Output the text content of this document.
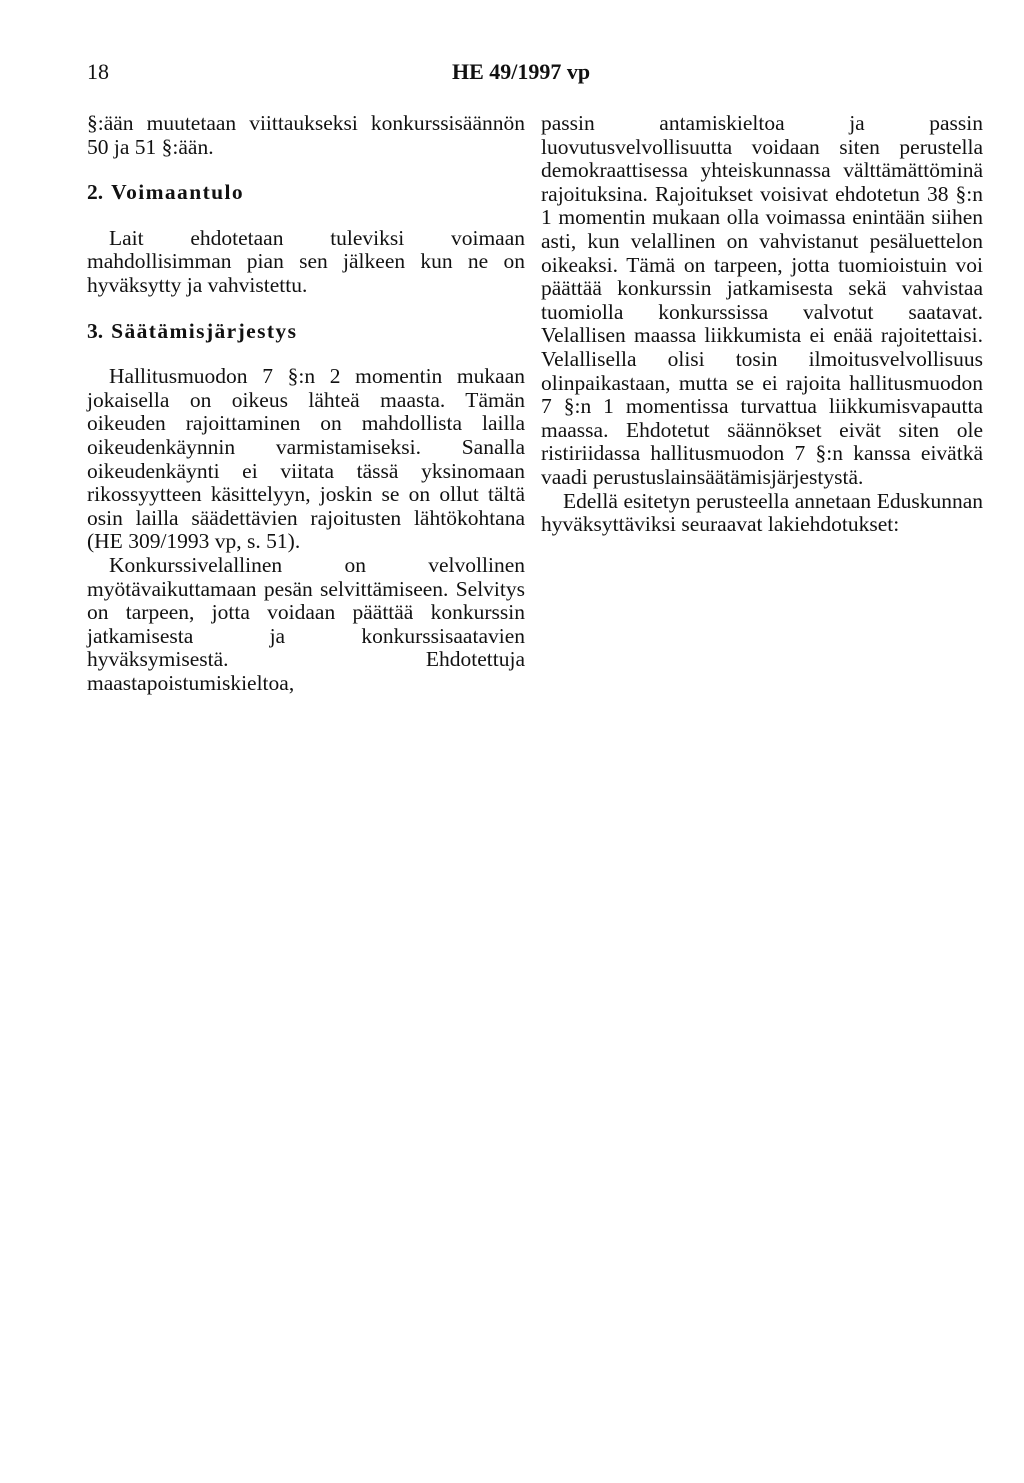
18	HE 49/1997 vp

§:ään muutetaan viittaukseksi konkurssisäännön 50 ja 51 §:ään.

2. Voimaantulo

Lait ehdotetaan tuleviksi voimaan mahdollisimman pian sen jälkeen kun ne on hyväksytty ja vahvistettu.

3. Säätämisjärjestys

Hallitusmuodon 7 §:n 2 momentin mukaan jokaisella on oikeus lähteä maasta. Tämän oikeuden rajoittaminen on mahdollista lailla oikeudenkäynnin varmistamiseksi. Sanalla oikeudenkäynti ei viitata tässä yksinomaan rikossyytteen käsittelyyn, joskin se on ollut tältä osin lailla säädettävien rajoitusten lähtökohtana (HE 309/1993 vp, s. 51).

Konkurssivelallinen on velvollinen myötävaikuttamaan pesän selvittämiseen. Selvitys on tarpeen, jotta voidaan päättää konkurssin jatkamisesta ja konkurssisaatavien hyväksymisestä. Ehdotettuja maastapoistumiskieltoa,

passin antamiskieltoa ja passin luovutusvelvollisuutta voidaan siten perustella demokraattisessa yhteiskunnassa välttämättöminä rajoituksina. Rajoitukset voisivat ehdotetun 38 §:n 1 momentin mukaan olla voimassa enintään siihen asti, kun velallinen on vahvistanut pesäluettelon oikeaksi. Tämä on tarpeen, jotta tuomioistuin voi päättää konkurssin jatkamisesta sekä vahvistaa tuomiolla konkurssissa valvotut saatavat. Velallisen maassa liikkumista ei enää rajoitettaisi. Velallisella olisi tosin ilmoitusvelvollisuus olinpaikastaan, mutta se ei rajoita hallitusmuodon 7 §:n 1 momentissa turvattua liikkumisvapautta maassa. Ehdotetut säännökset eivät siten ole ristiriidassa hallitusmuodon 7 §:n kanssa eivätkä vaadi perustuslainsäätämisjärjestystä.

Edellä esitetyn perusteella annetaan Eduskunnan hyväksyttäviksi seuraavat lakiehdotukset:
